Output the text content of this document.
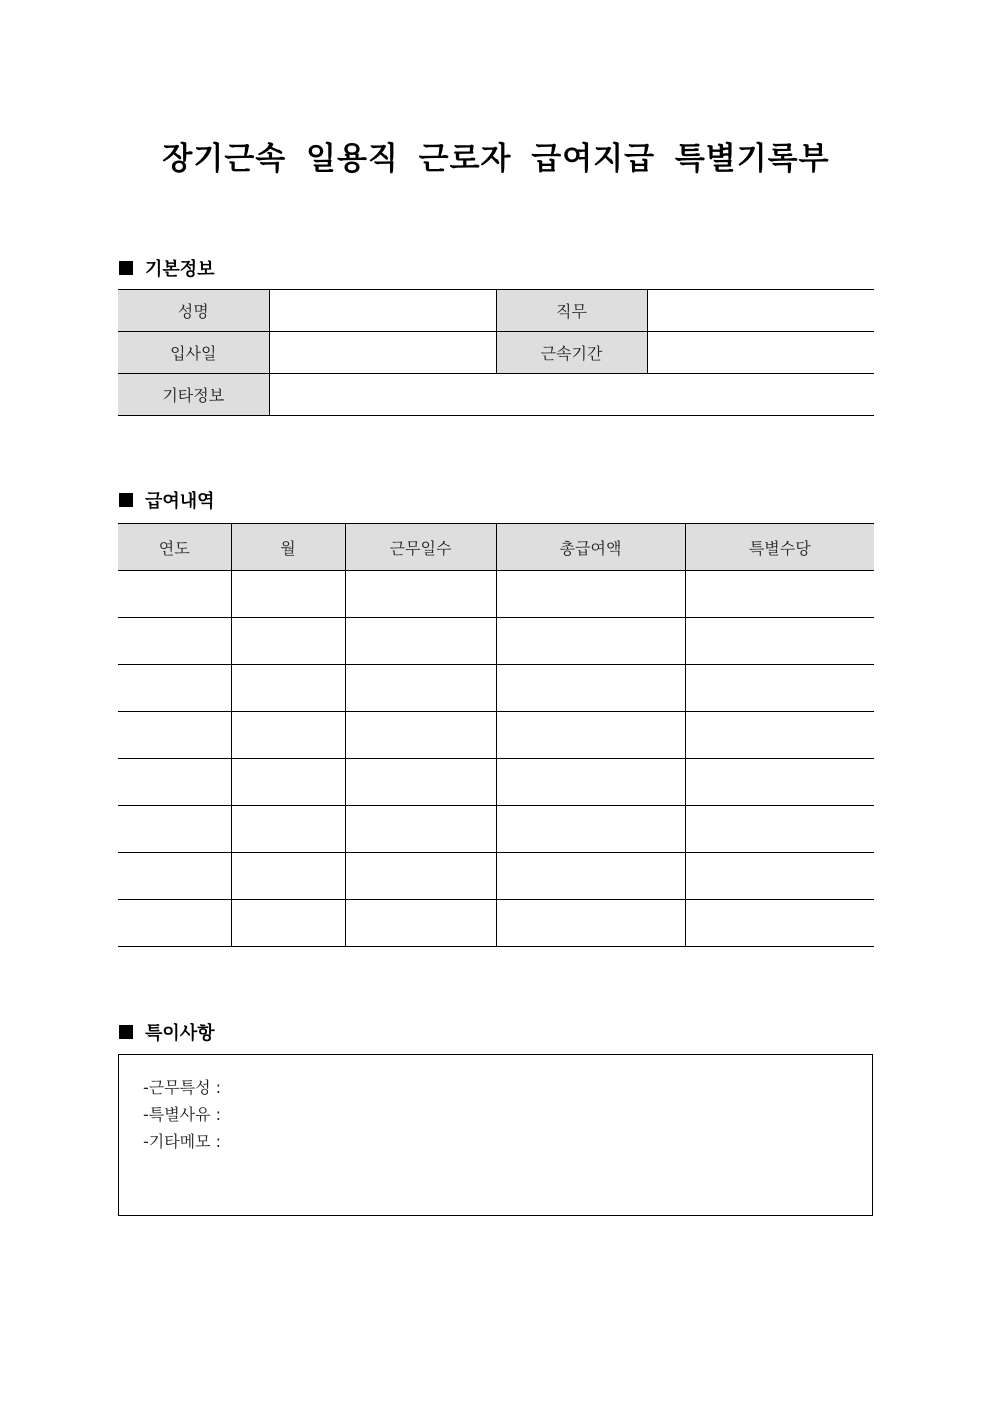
장기근속 일용직 근로자 급여지급 특별기록부
기본정보
성명		직무	
입사일		근속기간	
기타정보			
급여내역
연도	월	근무일수	총급여액	특별수당

특이사항
-근무특성 :
-특별사유 :
-기타메모 :
